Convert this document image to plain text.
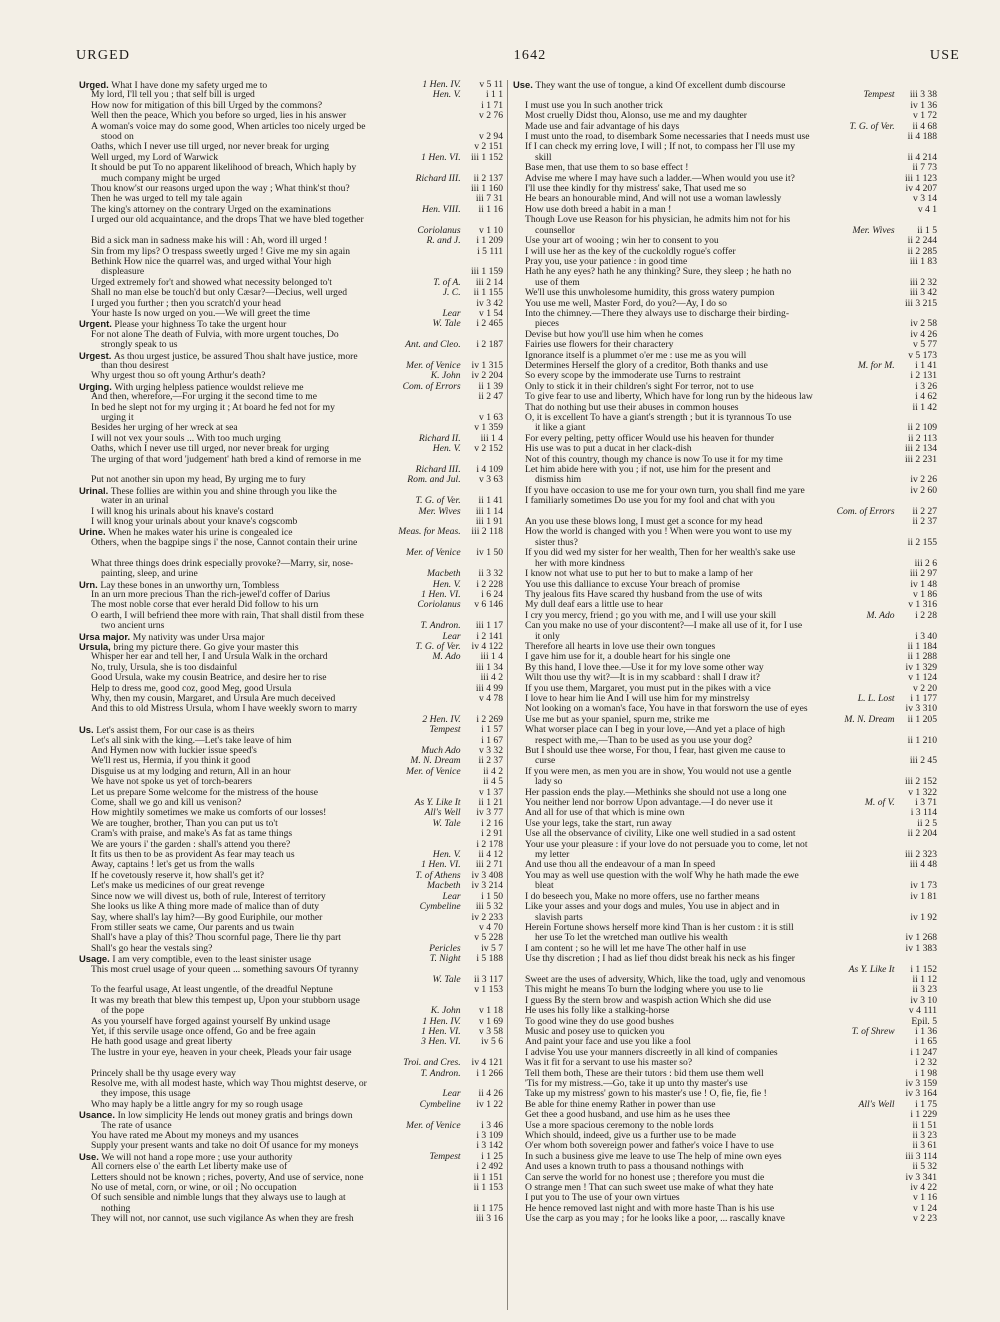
URGED	1642	USE
Urged. What I have done my safety urged me to	1 Hen. IV. v 5 11
My lord, I'll tell you ; that self bill is urged	Hen. V. i 1 1
How now for mitigation of this bill Urged by the commons?	i 1 71
Well then the peace, Which you before so urged, lies in his answer	v 2 76
A woman's voice may do some good, When articles too nicely urged be
stood on	v 2 94
Oaths, which I never use till urged, nor never break for urging	v 2 151
Well urged, my Lord of Warwick	1 Hen. VI. iii 1 152
It should be put To no apparent likelihood of breach, Which haply by
much company might be urged	Richard III. ii 2 137
Thou know'st our reasons urged upon the way ; What think'st thou?	iii 1 160
Then he was urged to tell my tale again	iii 7 31
The king's attorney on the contrary Urged on the examinations	Hen. VIII. ii 1 16
I urged our old acquaintance, and the drops That we have bled together
Coriolanus v 1 10
Bid a sick man in sadness make his will : Ah, word ill urged !	R. and J. i 1 209
Sin from my lips? O trespass sweetly urged ! Give me my sin again	i 5 111
Bethink How nice the quarrel was, and urged withal Your high
displeasure	iii 1 159
Urged extremely for't and showed what necessity belonged to't	T. of A. iii 2 14
Shall no man else be touch'd but only Cæsar?—Decius, well urged	J. C. ii 1 155
I urged you further ; then you scratch'd your head	iv 3 42
Your haste Is now urged on you.—We will greet the time	Lear v 1 54
Urgent. Please your highness To take the urgent hour	W. Tale i 2 465
For not alone The death of Fulvia, with more urgent touches, Do
strongly speak to us	Ant. and Cleo. i 2 187
Urgest. As thou urgest justice, be assured Thou shalt have justice, more
than thou desirest	Mer. of Venice iv 1 315
Why urgest thou so oft young Arthur's death?	K. John iv 2 204
Urging. With urging helpless patience wouldst relieve me	Com. of Errors ii 1 39
And then, wherefore,—For urging it the second time to me	ii 2 47
In bed he slept not for my urging it ; At board he fed not for my
urging it	v 1 63
Besides her urging of her wreck at sea	v 1 359
I will not vex your souls ... With too much urging	Richard II. iii 1 4
Oaths, which I never use till urged, nor never break for urging	Hen. V. v 2 152
The urging of that word 'judgement' hath bred a kind of remorse in me
Richard III. i 4 109
Put not another sin upon my head, By urging me to fury	Rom. and Jul. v 3 63
Urinal. These follies are within you and shine through you like the
water in an urinal	T. G. of Ver. ii 1 41
I will knog his urinals about his knave's costard	Mer. Wives iii 1 14
I will knog your urinals about your knave's cogscomb	iii 1 91
Urine. When he makes water his urine is congealed ice	Meas. for Meas. iii 2 118
Others, when the bagpipe sings i' the nose, Cannot contain their urine
Mer. of Venice iv 1 50
What three things does drink especially provoke?—Marry, sir, nose-
painting, sleep, and urine	Macbeth ii 3 32
Urn. Lay these bones in an unworthy urn, Tombless	Hen. V. i 2 228
In an urn more precious Than the rich-jewel'd coffer of Darius	1 Hen. VI. i 6 24
The most noble corse that ever herald Did follow to his urn	Coriolanus v 6 146
O earth, I will befriend thee more with rain, That shall distil from these
two ancient urns	T. Andron. iii 1 17
Ursa major. My nativity was under Ursa major	Lear i 2 141
Ursula, bring my picture there. Go give your master this	T. G. of Ver. iv 4 122
Whisper her ear and tell her, I and Ursula Walk in the orchard	M. Ado iii 1 4
No, truly, Ursula, she is too disdainful	iii 1 34
Good Ursula, wake my cousin Beatrice, and desire her to rise	iii 4 2
Help to dress me, good coz, good Meg, good Ursula	iii 4 99
Why, then my cousin, Margaret, and Ursula Are much deceived	v 4 78
And this to old Mistress Ursula, whom I have weekly sworn to marry
2 Hen. IV. i 2 269
Us. Let's assist them, For our case is as theirs	Tempest i 1 57
Let's all sink with the king.—Let's take leave of him	i 1 67
And Hymen now with luckier issue speed's	Much Ado v 3 32
We'll rest us, Hermia, if you think it good	M. N. Dream ii 2 37
Disguise us at my lodging and return, All in an hour	Mer. of Venice ii 4 2
We have not spoke us yet of torch-bearers	ii 4 5
Let us prepare Some welcome for the mistress of the house	v 1 37
Come, shall we go and kill us venison?	As Y. Like It ii 1 21
How mightily sometimes we make us comforts of our losses!	All's Well iv 3 77
We are tougher, brother, Than you can put us to't	W. Tale i 2 16
Cram's with praise, and make's As fat as tame things	i 2 91
We are yours i' the garden : shall's attend you there?	i 2 178
It fits us then to be as provident As fear may teach us	Hen. V. ii 4 12
Away, captains ! let's get us from the walls	1 Hen. VI. iii 2 71
If he covetously reserve it, how shall's get it?	T. of Athens iv 3 408
Let's make us medicines of our great revenge	Macbeth iv 3 214
Since now we will divest us, both of rule, Interest of territory	Lear i 1 50
She looks us like A thing more made of malice than of duty	Cymbeline iii 5 32
Say, where shall's lay him?—By good Euriphile, our mother	iv 2 233
From stiller seats we came, Our parents and us twain	v 4 70
Shall's have a play of this? Thou scornful page, There lie thy part	v 5 228
Shall's go hear the vestals sing?	Pericles iv 5 7
Usage. I am very comptible, even to the least sinister usage	T. Night i 5 188
This most cruel usage of your queen ... something savours Of tyranny
W. Tale ii 3 117
To the fearful usage, At least ungentle, of the dreadful Neptune	v 1 153
It was my breath that blew this tempest up, Upon your stubborn usage
of the pope	K. John v 1 18
As you yourself have forged against yourself By unkind usage	1 Hen. IV. v 1 69
Yet, if this servile usage once offend, Go and be free again	1 Hen. VI. v 3 58
He hath good usage and great liberty	3 Hen. VI. iv 5 6
The lustre in your eye, heaven in your cheek, Pleads your fair usage
Troi. and Cres. iv 4 121
Princely shall be thy usage every way	T. Andron. i 1 266
Resolve me, with all modest haste, which way Thou mightst deserve, or
they impose, this usage	Lear ii 4 26
Who may haply be a little angry for my so rough usage	Cymbeline iv 1 22
Usance. In low simplicity He lends out money gratis and brings down
The rate of usance	Mer. of Venice i 3 46
You have rated me About my moneys and my usances	i 3 109
Supply your present wants and take no doit Of usance for my moneys	i 3 142
Use. We will not hand a rope more ; use your authority	Tempest i 1 25
All corners else o' the earth Let liberty make use of	i 2 492
Letters should not be known ; riches, poverty, And use of service, none	ii 1 151
No use of metal, corn, or wine, or oil ; No occupation	ii 1 153
Of such sensible and nimble lungs that they always use to laugh at
nothing	ii 1 175
They will not, nor cannot, use such vigilance As when they are fresh	iii 3 16
Use. They want the use of tongue, a kind Of excellent dumb discourse
Tempest iii 3 38
I must use you In such another trick	iv 1 36
Most cruelly Didst thou, Alonso, use me and my daughter	v 1 72
Made use and fair advantage of his days	T. G. of Ver. ii 4 68
I must unto the road, to disembark Some necessaries that I needs must use	ii 4 188
If I can check my erring love, I will ; If not, to compass her I'll use my
skill	ii 4 214
Base men, that use them to so base effect !	ii 7 73
Advise me where I may have such a ladder.—When would you use it?	iii 1 123
I'll use thee kindly for thy mistress' sake, That used me so	iv 4 207
He bears an honourable mind, And will not use a woman lawlessly	v 3 14
How use doth breed a habit in a man !	v 4 1
Though Love use Reason for his physician, he admits him not for his
counsellor	Mer. Wives ii 1 5
Use your art of wooing ; win her to consent to you	ii 2 244
I will use her as the key of the cuckoldly rogue's coffer	ii 2 285
Pray you, use your patience : in good time	iii 1 83
Hath he any eyes? hath he any thinking? Sure, they sleep ; he hath no
use of them	iii 2 32
We'll use this unwholesome humidity, this gross watery pumpion	iii 3 42
You use me well, Master Ford, do you?—Ay, I do so	iii 3 215
Into the chimney.—There they always use to discharge their birding-
pieces	iv 2 58
Devise but how you'll use him when he comes	iv 4 26
Fairies use flowers for their charactery	v 5 77
Ignorance itself is a plummet o'er me : use me as you will	v 5 173
Determines Herself the glory of a creditor, Both thanks and use	M. for M. i 1 41
So every scope by the immoderate use Turns to restraint	i 2 131
Only to stick it in their children's sight For terror, not to use	i 3 26
To give fear to use and liberty, Which have for long run by the hideous law	i 4 62
That do nothing but use their abuses in common houses	ii 1 42
O, it is excellent To have a giant's strength ; but it is tyrannous To use
it like a giant	ii 2 109
For every pelting, petty officer Would use his heaven for thunder	ii 2 113
His use was to put a ducat in her clack-dish	iii 2 134
Not of this country, though my chance is now To use it for my time	iii 2 231
Let him abide here with you ; if not, use him for the present and
dismiss him	iv 2 26
If you have occasion to use me for your own turn, you shall find me yare	iv 2 60
I familiarly sometimes Do use you for my fool and chat with you
Com. of Errors ii 2 27
An you use these blows long, I must get a sconce for my head	ii 2 37
How the world is changed with you ! When were you wont to use my
sister thus?	ii 2 155
If you did wed my sister for her wealth, Then for her wealth's sake use
her with more kindness	iii 2 6
I know not what use to put her to but to make a lamp of her	iii 2 97
You use this dalliance to excuse Your breach of promise	iv 1 48
Thy jealous fits Have scared thy husband from the use of wits	v 1 86
My dull deaf ears a little use to hear	v 1 316
I cry you mercy, friend ; go you with me, and I will use your skill	M. Ado i 2 28
Can you make no use of your discontent?—I make all use of it, for I use
it only	i 3 40
Therefore all hearts in love use their own tongues	ii 1 184
I gave him use for it, a double heart for his single one	ii 1 288
By this hand, I love thee.—Use it for my love some other way	iv 1 329
Wilt thou use thy wit?—It is in my scabbard : shall I draw it?	v 1 124
If you use them, Margaret, you must put in the pikes with a vice	v 2 20
I love to hear him lie And I will use him for my minstrelsy	L. L. Lost i 1 177
Not looking on a woman's face, You have in that forsworn the use of eyes	iv 3 310
Use me but as your spaniel, spurn me, strike me	M. N. Dream ii 1 205
What worser place can I beg in your love,—And yet a place of high
respect with me,—Than to be used as you use your dog?	ii 1 210
But I should use thee worse, For thou, I fear, hast given me cause to
curse	iii 2 45
If you were men, as men you are in show, You would not use a gentle
lady so	iii 2 152
Her passion ends the play.—Methinks she should not use a long one	v 1 322
You neither lend nor borrow Upon advantage.—I do never use it	M. of V. i 3 71
And all for use of that which is mine own	i 3 114
Use your legs, take the start, run away	ii 2 5
Use all the observance of civility, Like one well studied in a sad ostent	ii 2 204
Your use your pleasure : if your love do not persuade you to come, let not
my letter	iii 2 323
And use thou all the endeavour of a man In speed	iii 4 48
You may as well use question with the wolf Why he hath made the ewe
bleat	iv 1 73
I do beseech you, Make no more offers, use no farther means	iv 1 81
Like your asses and your dogs and mules, You use in abject and in
slavish parts	iv 1 92
Herein Fortune shows herself more kind Than is her custom : it is still
her use To let the wretched man outlive his wealth	iv 1 268
I am content ; so he will let me have The other half in use	iv 1 383
Use thy discretion ; I had as lief thou didst break his neck as his finger
As Y. Like It i 1 152
Sweet are the uses of adversity, Which, like the toad, ugly and venomous	ii 1 12
This might he means To burn the lodging where you use to lie	ii 3 23
I guess By the stern brow and waspish action Which she did use	iv 3 10
He uses his folly like a stalking-horse	v 4 111
To good wine they do use good bushes	Epil. 5
Music and posey use to quicken you	T. of Shrew i 1 36
And paint your face and use you like a fool	i 1 65
I advise You use your manners discreetly in all kind of companies	i 1 247
Was it fit for a servant to use his master so?	i 2 32
Tell them both, These are their tutors : bid them use them well	i 1 98
'Tis for my mistress.—Go, take it up unto thy master's use	iv 3 159
Take up my mistress' gown to his master's use ! O, fie, fie, fie !	iv 3 164
Be able for thine enemy Rather in power than use	All's Well i 1 75
Get thee a good husband, and use him as he uses thee	i 1 229
Use a more spacious ceremony to the noble lords	ii 1 51
Which should, indeed, give us a further use to be made	ii 3 23
O'er whom both sovereign power and father's voice I have to use	ii 3 61
In such a business give me leave to use The help of mine own eyes	iii 3 114
And uses a known truth to pass a thousand nothings with	ii 5 32
Can serve the world for no honest use ; therefore you must die	iv 3 341
O strange men ! That can such sweet use make of what they hate	iv 4 22
I put you to The use of your own virtues	v 1 16
He hence removed last night and with more haste Than is his use	v 1 24
Use the carp as you may ; for he looks like a poor, ... rascally knave	v 2 23
